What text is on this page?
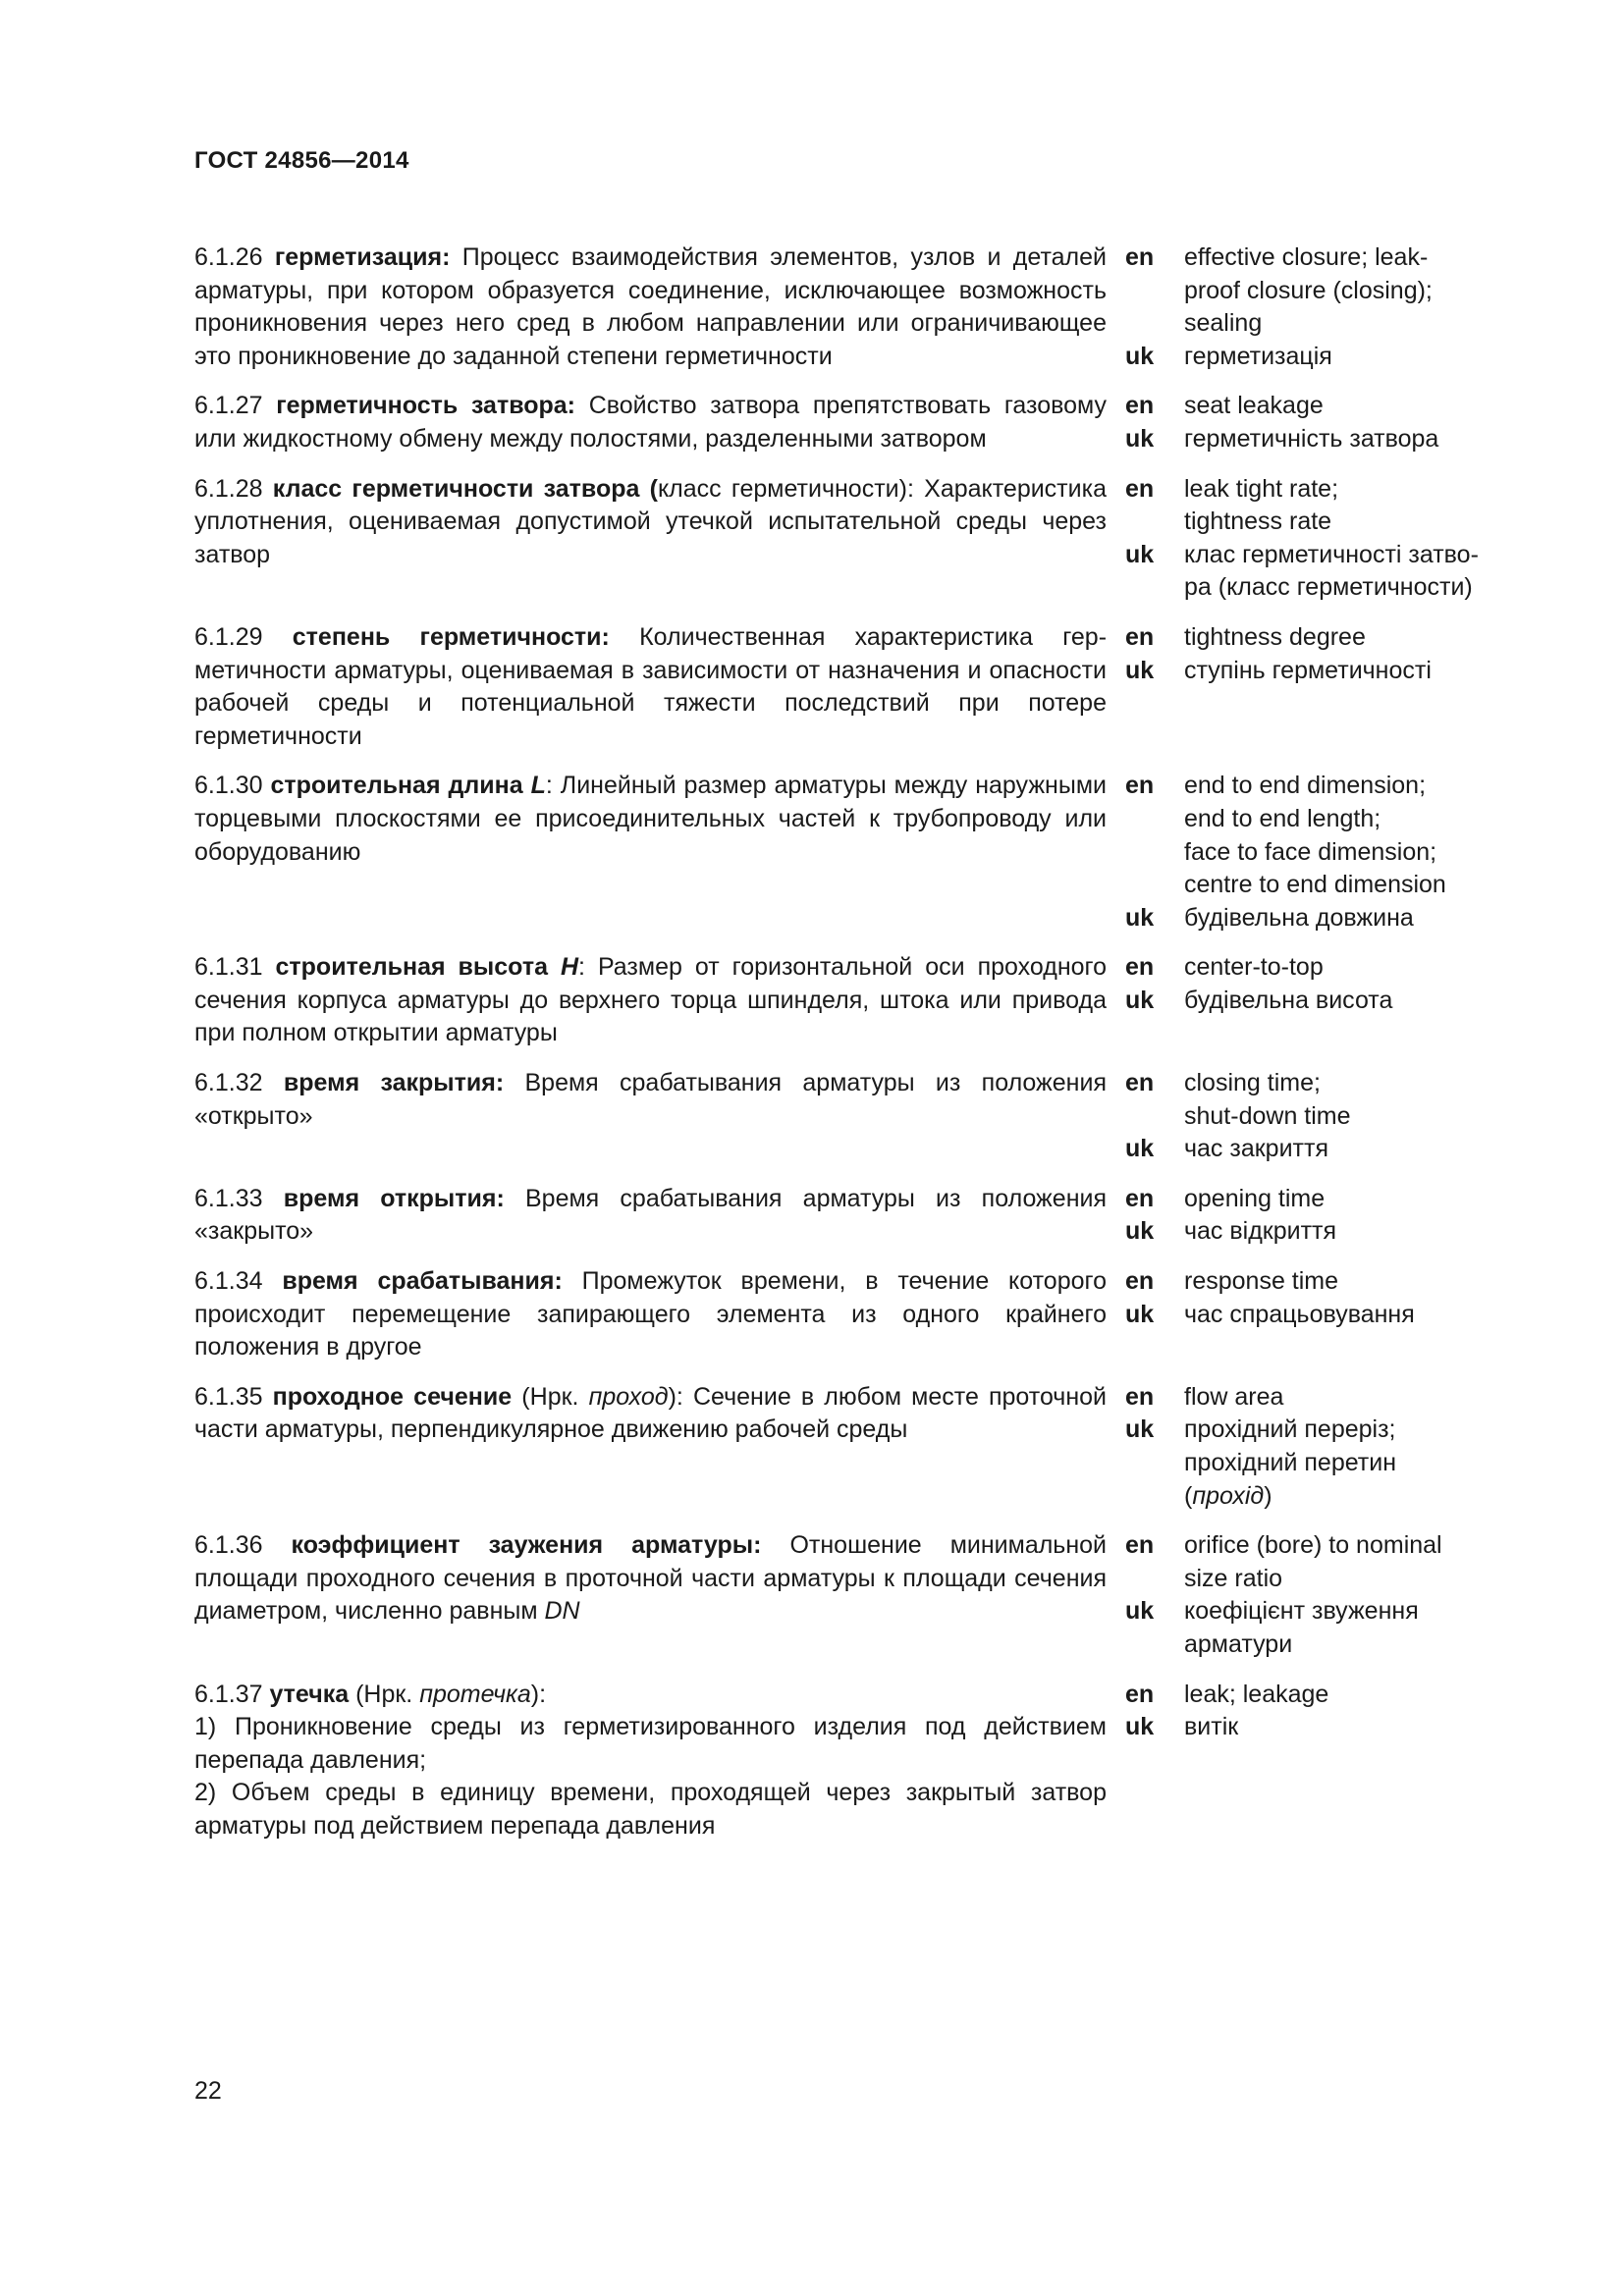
ГОСТ 24856—2014
6.1.26 герметизация: Процесс взаимодействия элементов, узлов и деталей арматуры, при котором образуется соединение, исключающее возможность проникновения через него сред в любом направлении или ограничивающее это проникновение до заданной степени герметичности
en	effective closure; leak-
proof closure (closing);
sealing
uk	герметизація
6.1.27 герметичность затвора: Свойство затвора препятствовать газовому или жидкостному обмену между полостями, разделенными затвором
en	seat leakage
uk	герметичність затвора
6.1.28 класс герметичности затвора (класс герметичности): Характеристика уплотнения, оцениваемая допустимой утечкой испытательной среды через затвор
en	leak tight rate;
tightness rate
uk	клас герметичності затво-
ра (класс герметичности)
6.1.29 степень герметичности: Количественная характеристика герметичности арматуры, оцениваемая в зависимости от назначения и опасности рабочей среды и потенциальной тяжести последствий при потере герметичности
en	tightness degree
uk	ступінь герметичності
6.1.30 строительная длина L: Линейный размер арматуры между наружными торцевыми плоскостями ее присоединительных частей к трубопроводу или оборудованию
en	end to end dimension;
end to end length;
face to face dimension;
centre to end dimension
uk	будівельна довжина
6.1.31 строительная высота H: Размер от горизонтальной оси проходного сечения корпуса арматуры до верхнего торца шпинделя, штока или привода при полном открытии арматуры
en	center-to-top
uk	будівельна висота
6.1.32 время закрытия: Время срабатывания арматуры из положения «открыто»
en	closing time;
shut-down time
uk	час закриття
6.1.33 время открытия: Время срабатывания арматуры из положения «закрыто»
en	opening time
uk	час відкриття
6.1.34 время срабатывания: Промежуток времени, в течение которого происходит перемещение запирающего элемента из одного крайнего положения в другое
en	response time
uk	час спрацьовування
6.1.35 проходное сечение (Нрк. проход): Сечение в любом месте проточной части арматуры, перпендикулярное движению рабочей среды
en	flow area
uk	прохідний переріз;
прохідний перетин
(прохід)
6.1.36 коэффициент заужения арматуры: Отношение минимальной площади проходного сечения в проточной части арматуры к площади сечения диаметром, численно равным DN
en	orifice (bore) to nominal
size ratio
uk	коефіцієнт звуження
арматури
6.1.37 утечка (Нрк. протечка):
1) Проникновение среды из герметизированного изделия под действием перепада давления;
2) Объем среды в единицу времени, проходящей через закрытый затвор арматуры под действием перепада давления
en	leak; leakage
uk	витік
22
